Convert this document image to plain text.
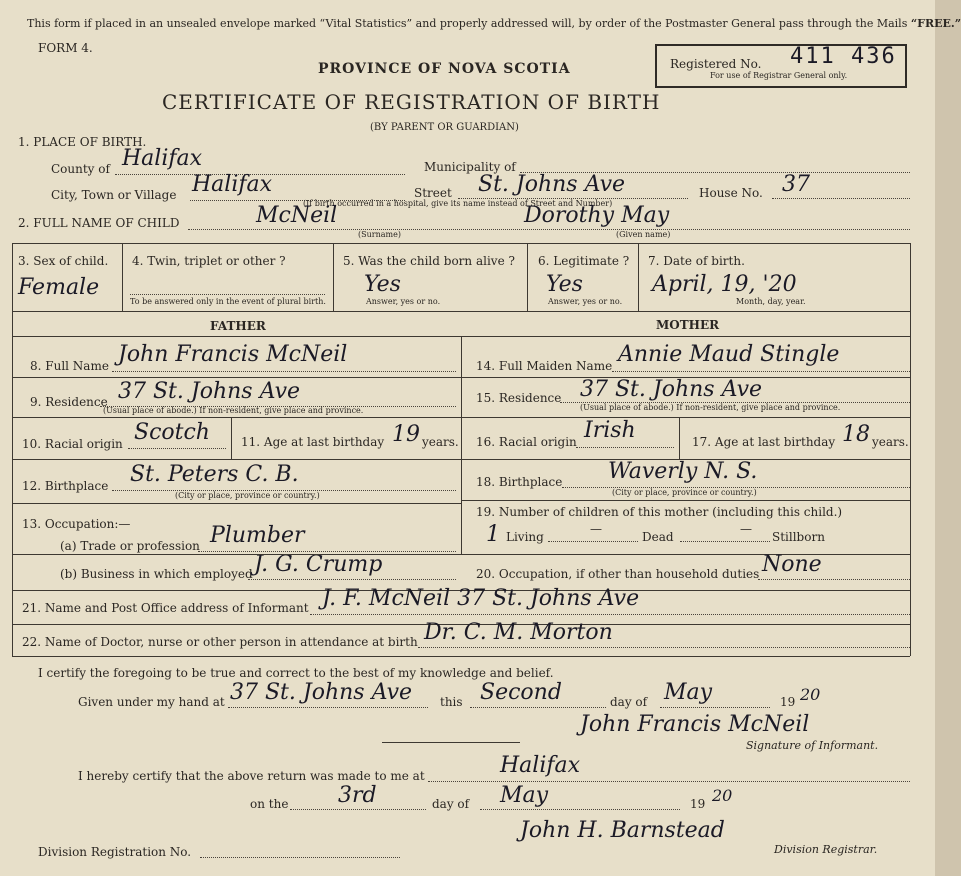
This form if placed in an unsealed envelope marked “Vital Statistics” and properly addressed will, by order of the Postmaster General pass through the Mails “FREE.”
FORM 4.
PROVINCE OF NOVA SCOTIA
CERTIFICATE OF REGISTRATION OF BIRTH
(BY PARENT OR GUARDIAN)
Registered No. 411 436
For use of Registrar General only.
1. PLACE OF BIRTH.
County of Halifax	Municipality of
City, Town or Village Halifax	Street St. Johns Ave	House No. 37
(If birth occurred in a hospital, give its name instead of Street and Number)
2. FULL NAME OF CHILD	McNeil	Dorothy May
(Surname)	(Given name)
3. Sex of child.
Female
4. Twin, triplet or other ?
To be answered only in the event of plural birth.
5. Was the child born alive ?
Yes
Answer, yes or no.
6. Legitimate ?
Yes
Answer, yes or no.
7. Date of birth.
April, 19, '20
Month, day, year.
FATHER	MOTHER
8. Full Name John Francis McNeil
9. Residence 37 St. Johns Ave
(Usual place of abode.) If non-resident, give place and province.
10. Racial origin Scotch	11. Age at last birthday 19 years.
12. Birthplace St. Peters C. B.
(City or place, province or country.)
13. Occupation:—
(a) Trade or profession Plumber
(b) Business in which employed J. G. Crump
14. Full Maiden Name Annie Maud Stingle
15. Residence 37 St. Johns Ave
(Usual place of abode.) If non-resident, give place and province.
16. Racial origin Irish	17. Age at last birthday 18 years.
18. Birthplace Waverly N. S.
(City or place, province or country.)
19. Number of children of this mother (including this child.)
1 Living
—
Dead
—
Stillborn
20. Occupation, if other than household duties None
21. Name and Post Office address of Informant J. F. McNeil 37 St. Johns Ave
22. Name of Doctor, nurse or other person in attendance at birth Dr. C. M. Morton
I certify the foregoing to be true and correct to the best of my knowledge and belief.
Given under my hand at 37 St. Johns Ave this Second	day of May	19 20
John Francis McNeil
Signature of Informant.
I hereby certify that the above return was made to me at	Halifax
on the 3rd	day of May	19 20
Division Registration No.
John H. Barnstead
Division Registrar.
